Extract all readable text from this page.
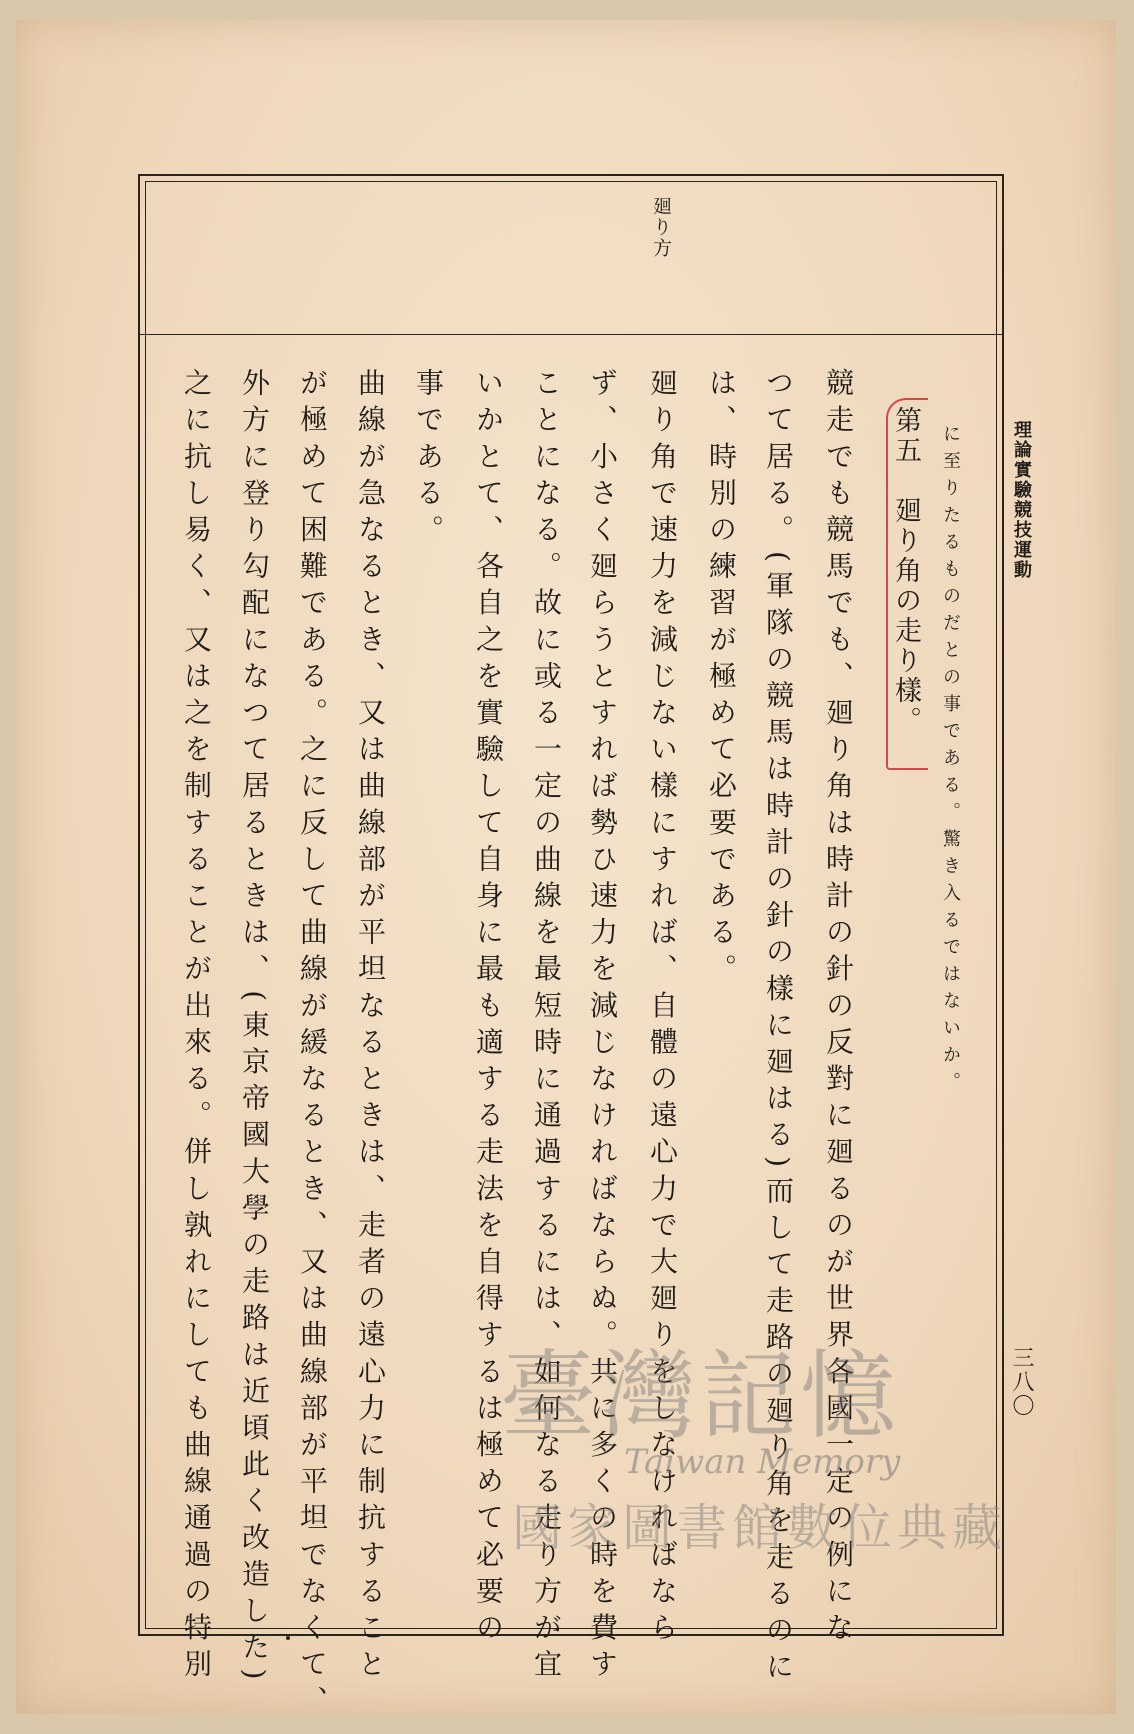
理論實驗競技運動
三八〇
廻り方
に至りたるものだとの事である。驚き入るではないか。
第五　廻り角の走り樣。
競走でも競馬でも、廻り角は時計の針の反對に廻るのが世界各國一定の例にな
つて居る。(軍隊の競馬は時計の針の樣に廻はる)而して走路の廻り角を走るのに
は、時別の練習が極めて必要である。
廻り角で速力を減じない樣にすれば、自體の遠心力で大廻りをしなければなら
ず、小さく廻らうとすれば勢ひ速力を減じなければならぬ。共に多くの時を費す
ことになる。故に或る一定の曲線を最短時に通過するには、如何なる走り方が宜
いかとて、各自之を實驗して自身に最も適する走法を自得するは極めて必要の
事である。
曲線が急なるとき、又は曲線部が平坦なるときは、走者の遠心力に制抗すること
が極めて困難である。之に反して曲線が緩なるとき、又は曲線部が平坦でなくて、
外方に登り勾配になつて居るときは、(東京帝國大學の走路は近頃此く改造した)
之に抗し易く、又は之を制することが出來る。併し孰れにしても曲線通過の特別	臺灣記憶
Taiwan Memory
國家圖書館數位典藏
